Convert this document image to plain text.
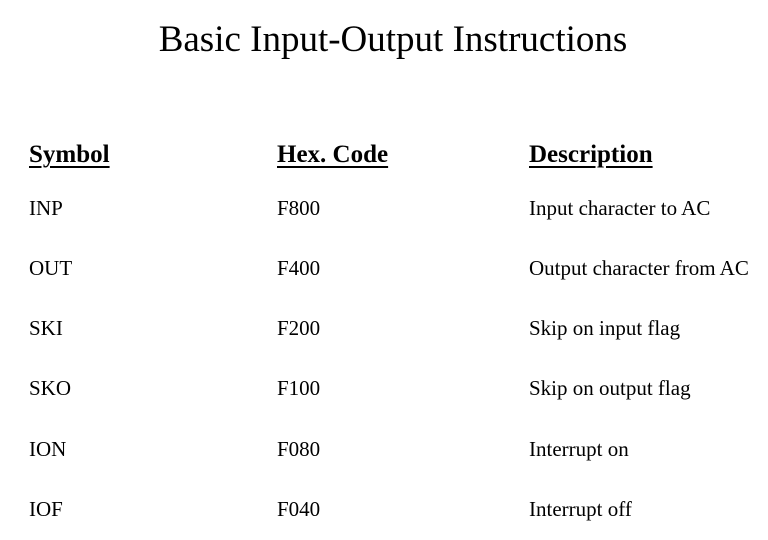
Basic Input-Output Instructions
Symbol	Hex. Code	Description
INP	F800	Input character to AC
OUT	F400	Output character from AC
SKI	F200	Skip on input flag
SKO	F100	Skip on output flag
ION	F080	Interrupt on
IOF	F040	Interrupt off
